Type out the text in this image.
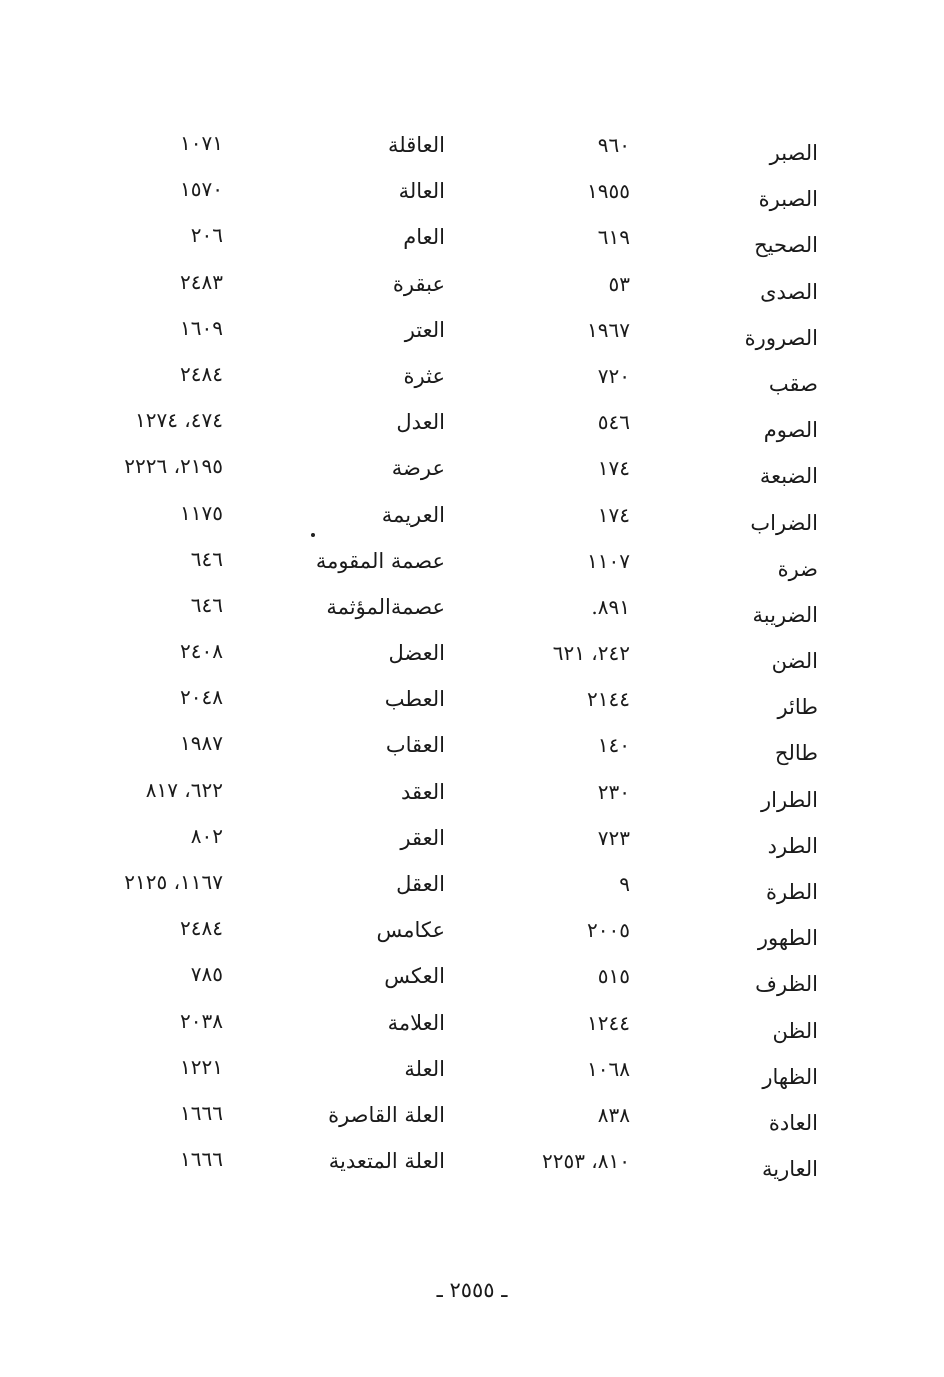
الصبر
٩٦٠
الصبرة
١٩٥٥
الصحيح
٦١٩
الصدى
٥٣
الصرورة
١٩٦٧
صقب
٧٢٠
الصوم
٥٤٦
الضبعة
١٧٤
الضراب
١٧٤
ضرة
١١٠٧
الضريبة
٨٩١.
الضن
٢٤٢، ٦٢١
طائر
٢١٤٤
طالح
١٤٠
الطرار
٢٣٠
الطرد
٧٢٣
الطرة
٩
الطهور
٢٠٠٥
الظرف
٥١٥
الظن
١٢٤٤
الظهار
١٠٦٨
العادة
٨٣٨
العارية
٨١٠، ٢٢٥٣
العاقلة
١٠٧١
العالة
١٥٧٠
العام
٢٠٦
عبقرة
٢٤٨٣
العتر
١٦٠٩
عثرة
٢٤٨٤
العدل
٤٧٤، ١٢٧٤
عرضة
٢١٩٥، ٢٢٢٦
العريمة
١١٧٥
عصمة المقومة
٦٤٦
عصمةالمؤثمة
٦٤٦
العضل
٢٤٠٨
العطب
٢٠٤٨
العقاب
١٩٨٧
العقد
٦٢٢، ٨١٧
العقر
٨٠٢
العقل
١١٦٧، ٢١٢٥
عكامس
٢٤٨٤
العكس
٧٨٥
العلامة
٢٠٣٨
العلة
١٢٢١
العلة القاصرة
١٦٦٦
العلة المتعدية
١٦٦٦
ـ ٢٥٥٥ ـ
